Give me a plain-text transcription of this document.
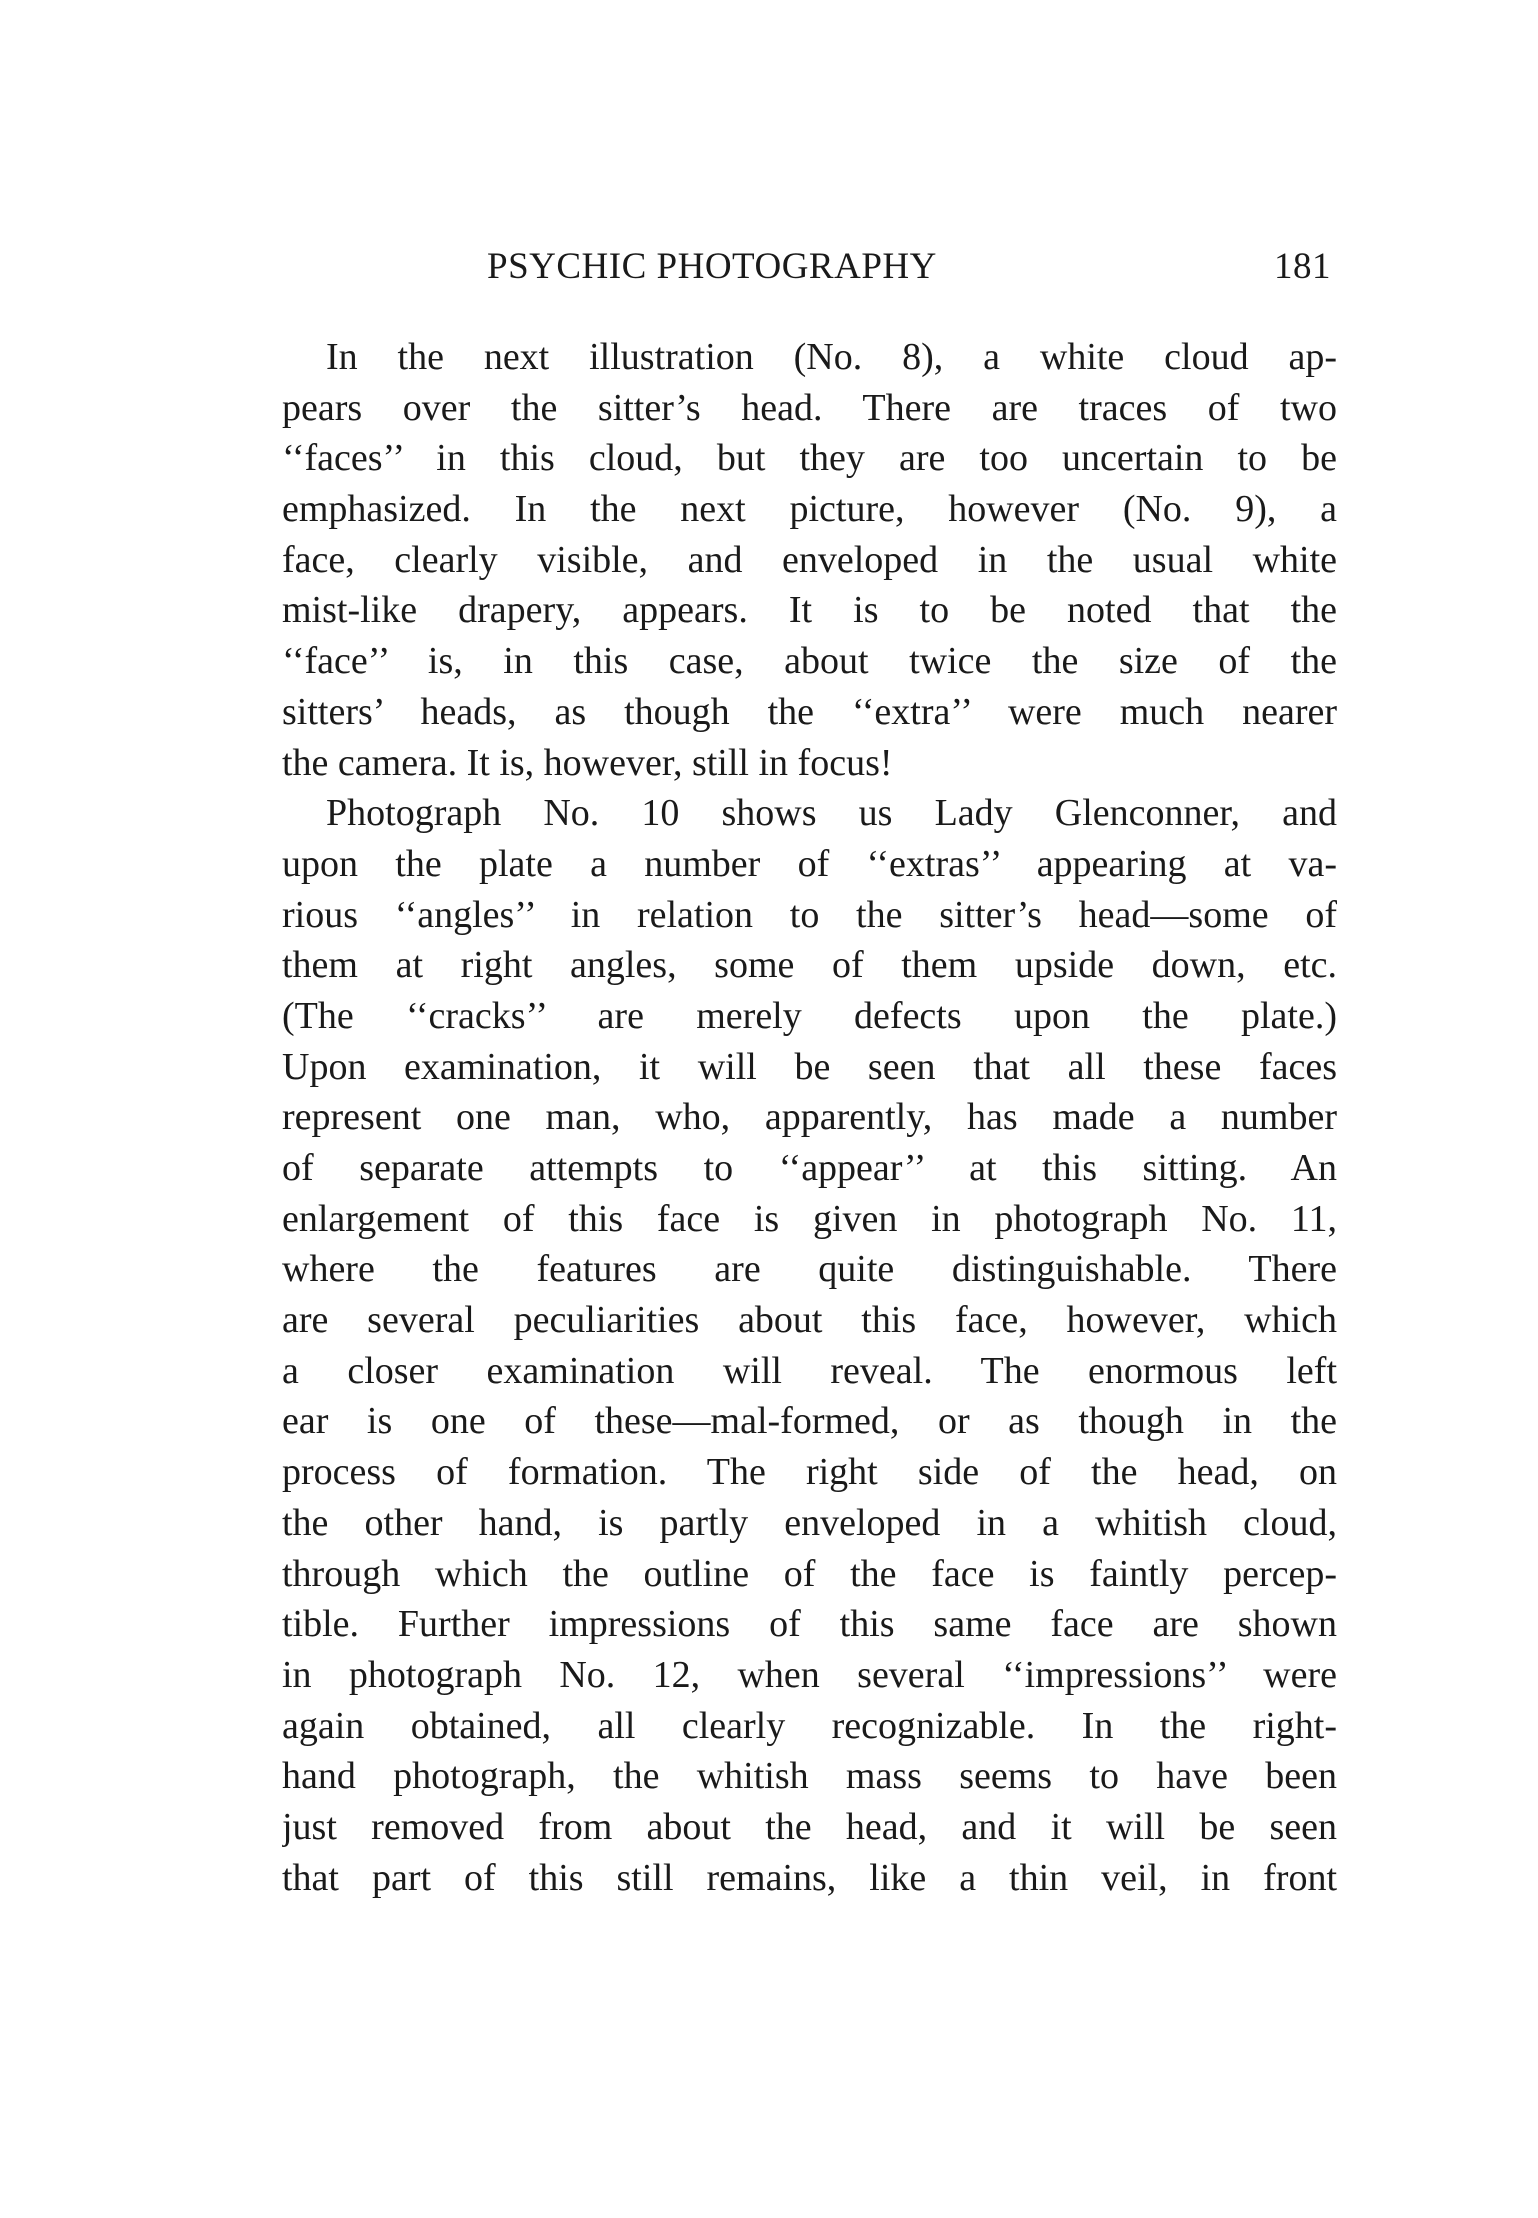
PSYCHIC PHOTOGRAPHY	181
In the next illustration (No. 8), a white cloud ap-
pears over the sitter’s head. There are traces of two
‘‘faces’’ in this cloud, but they are too uncertain to be
emphasized. In the next picture, however (No. 9), a
face, clearly visible, and enveloped in the usual white
mist-like drapery, appears. It is to be noted that the
‘‘face’’ is, in this case, about twice the size of the
sitters’ heads, as though the ‘‘extra’’ were much nearer
the camera. It is, however, still in focus!
Photograph No. 10 shows us Lady Glenconner, and
upon the plate a number of ‘‘extras’’ appearing at va-
rious ‘‘angles’’ in relation to the sitter’s head—some of
them at right angles, some of them upside down, etc.
(The ‘‘cracks’’ are merely defects upon the plate.)
Upon examination, it will be seen that all these faces
represent one man, who, apparently, has made a number
of separate attempts to ‘‘appear’’ at this sitting. An
enlargement of this face is given in photograph No. 11,
where the features are quite distinguishable. There
are several peculiarities about this face, however, which
a closer examination will reveal. The enormous left
ear is one of these—mal-formed, or as though in the
process of formation. The right side of the head, on
the other hand, is partly enveloped in a whitish cloud,
through which the outline of the face is faintly percep-
tible. Further impressions of this same face are shown
in photograph No. 12, when several ‘‘impressions’’ were
again obtained, all clearly recognizable. In the right-
hand photograph, the whitish mass seems to have been
just removed from about the head, and it will be seen
that part of this still remains, like a thin veil, in front
